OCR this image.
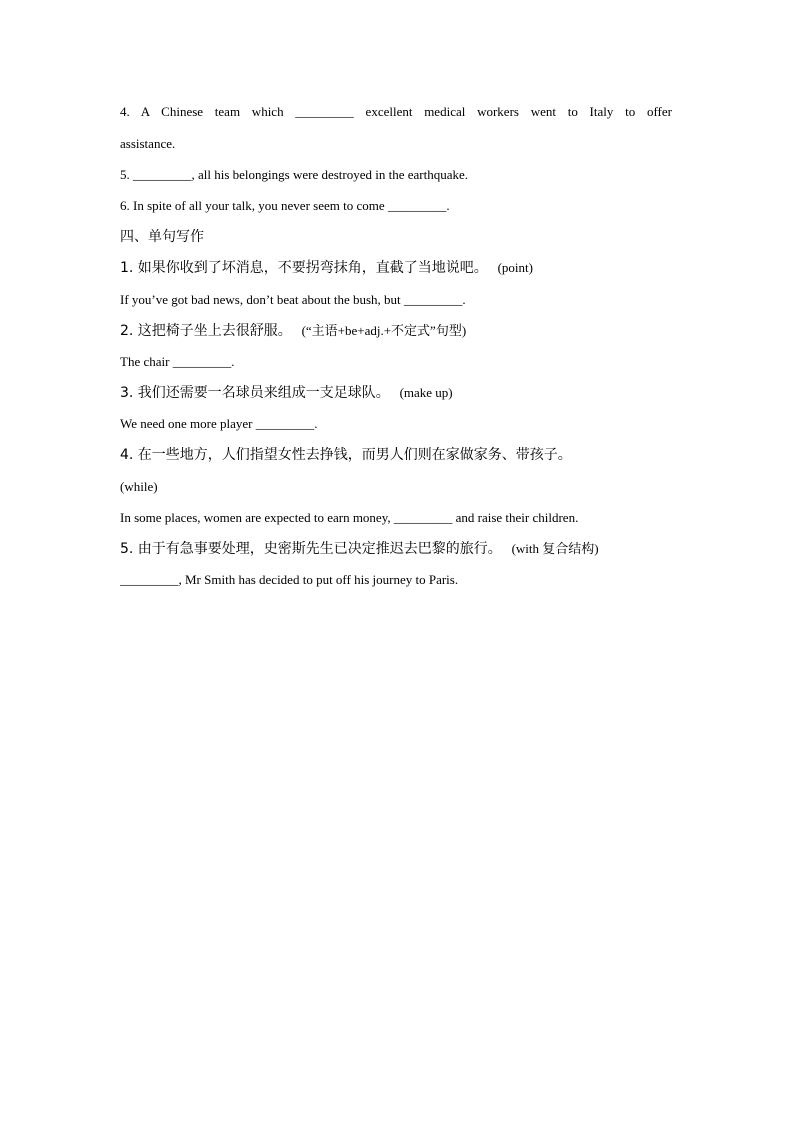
4. A Chinese team which _________ excellent medical workers went to Italy to offer
assistance.
5. _________, all his belongings were destroyed in the earthquake.
6. In spite of all your talk, you never seem to come _________.
四、单句写作
1. 如果你收到了坏消息，不要拐弯抹角，直截了当地说吧。 (point)
If you’ve got bad news, don’t beat about the bush, but _________.
2. 这把椅子坐上去很舒服。 (“主语+be+adj.+不定式”句型)
The chair _________.
3. 我们还需要一名球员来组成一支足球队。 (make up)
We need one more player _________.
4. 在一些地方，人们指望女性去挣钱，而男人们则在家做家务、带孩子。
(while)
In some places, women are expected to earn money, _________ and raise their children.
5. 由于有急事要处理，史密斯先生已决定推迟去巴黎的旅行。 (with 复合结构)
_________, Mr Smith has decided to put off his journey to Paris.
